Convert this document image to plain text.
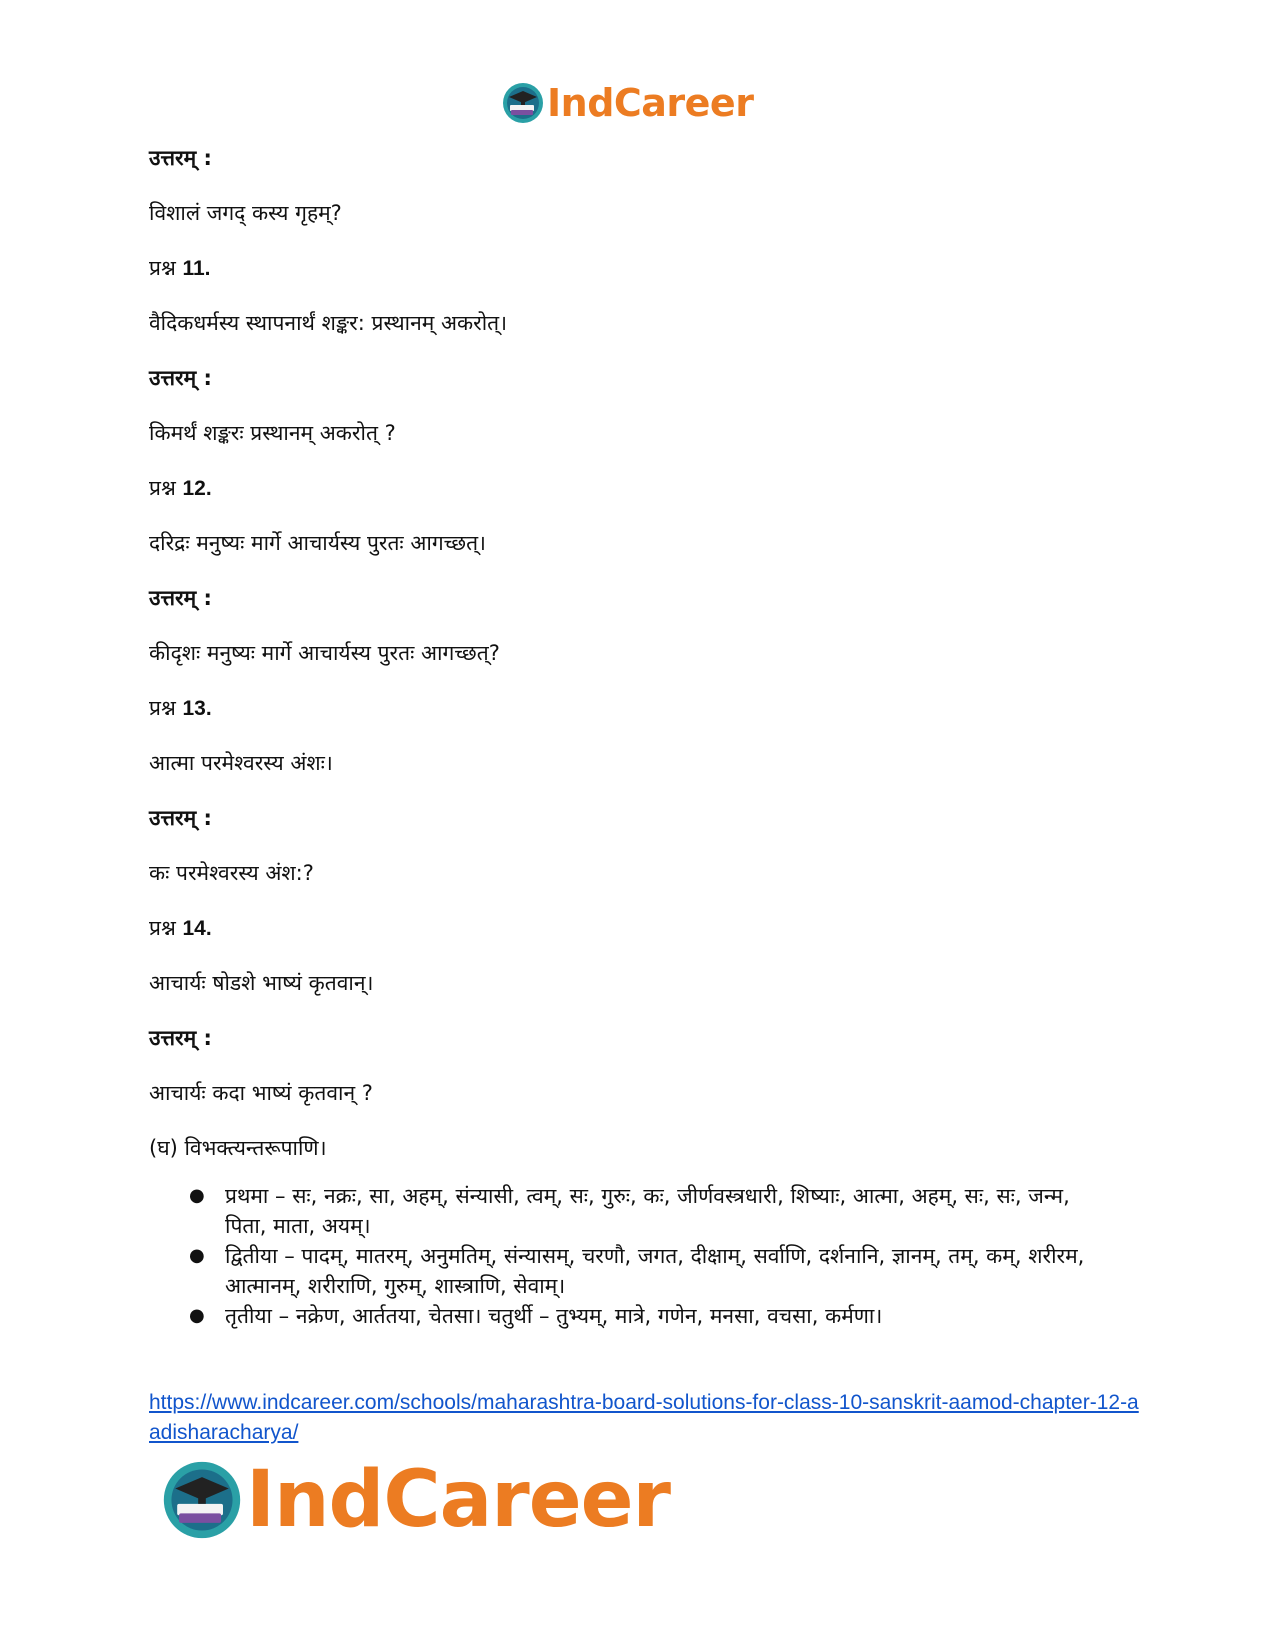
IndCareer
उत्तरम् :
विशालं जगद् कस्य गृहम्?
प्रश्न 11.
वैदिकधर्मस्य स्थापनार्थं शङ्कर: प्रस्थानम् अकरोत्।
उत्तरम् :
किमर्थं शङ्करः प्रस्थानम् अकरोत् ?
प्रश्न 12.
दरिद्रः मनुष्यः मार्गे आचार्यस्य पुरतः आगच्छत्।
उत्तरम् :
कीदृशः मनुष्यः मार्गे आचार्यस्य पुरतः आगच्छत्?
प्रश्न 13.
आत्मा परमेश्वरस्य अंशः।
उत्तरम् :
कः परमेश्वरस्य अंश:?
प्रश्न 14.
आचार्यः षोडशे भाष्यं कृतवान्।
उत्तरम् :
आचार्यः कदा भाष्यं कृतवान् ?
(घ) विभक्त्यन्तरूपाणि।
● प्रथमा – सः, नक्रः, सा, अहम्, संन्यासी, त्वम्, सः, गुरुः, कः, जीर्णवस्त्रधारी, शिष्याः, आत्मा, अहम्, सः, सः, जन्म, पिता, माता, अयम्।
● द्वितीया – पादम्, मातरम्, अनुमतिम्, संन्यासम्, चरणौ, जगत, दीक्षाम्, सर्वाणि, दर्शनानि, ज्ञानम्, तम्, कम्, शरीरम, आत्मानम्, शरीराणि, गुरुम्, शास्त्राणि, सेवाम्।
● तृतीया – नक्रेण, आर्ततया, चेतसा। चतुर्थी – तुभ्यम्, मात्रे, गणेन, मनसा, वचसा, कर्मणा।
https://www.indcareer.com/schools/maharashtra-board-solutions-for-class-10-sanskrit-aamod-chapter-12-aadisharacharya/
IndCareer
